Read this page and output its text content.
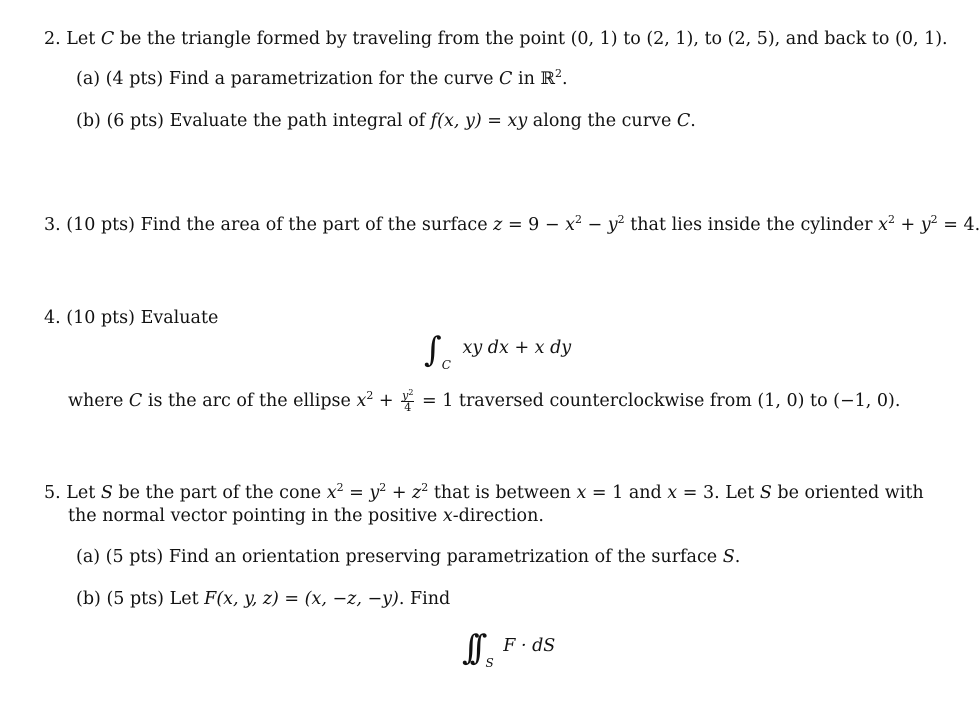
2. Let C be the triangle formed by traveling from the point (0, 1) to (2, 1), to (2, 5), and back to (0, 1).
(a) (4 pts) Find a parametrization for the curve C in ℝ$^2$.
(b) (6 pts) Evaluate the path integral of f(x, y) = xy along the curve C.
3. (10 pts) Find the area of the part of the surface $z = 9 - x^2 - y^2$ that lies inside the cylinder $x^2 + y^2 = 4$.
4. (10 pts) Evaluate
$\int_C$ xy dx + x dy
where C is the arc of the ellipse $x^2 + \frac{y^2}{4} = 1$ traversed counterclockwise from (1, 0) to (−1, 0).
5. Let S be the part of the cone $x^2 = y^2 + z^2$ that is between x = 1 and x = 3. Let S be oriented with
the normal vector pointing in the positive x-direction.
(a) (5 pts) Find an orientation preserving parametrization of the surface S.
(b) (5 pts) Let F(x, y, z) = (x, −z, −y). Find
∫∫ $_S$ F · dS
